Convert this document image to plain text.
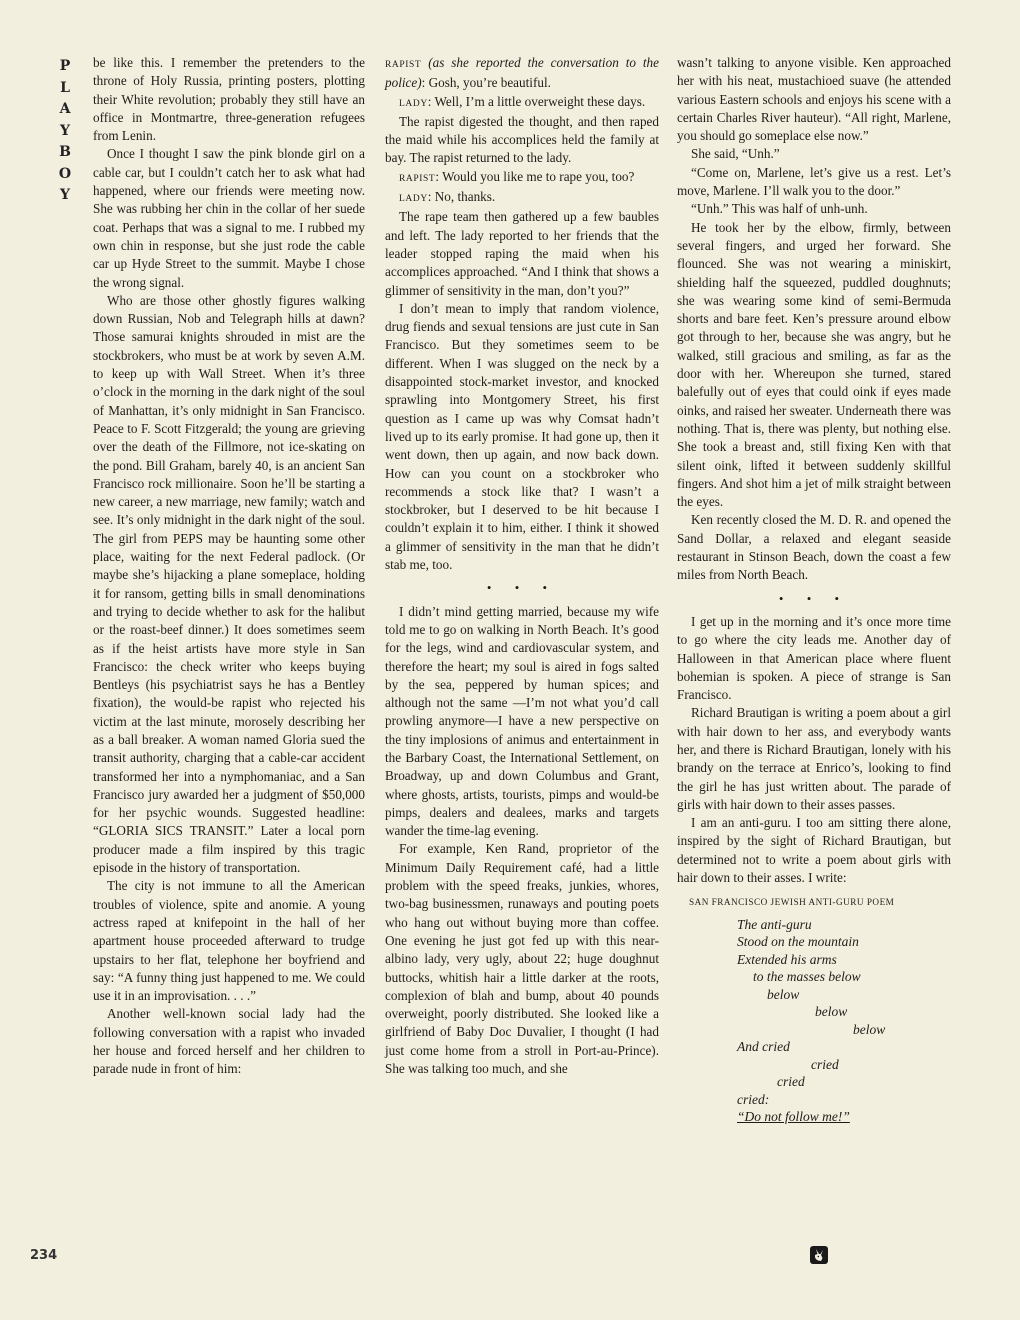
P
L
A
Y
B
O
Y
234

be like this. I remember the pretenders to the throne of Holy Russia, printing posters, plotting their White revolution; probably they still have an office in Montmartre, three-generation refugees from Lenin.

Once I thought I saw the pink blonde girl on a cable car, but I couldn’t catch her to ask what had happened, where our friends were meeting now. She was rubbing her chin in the collar of her suede coat. Perhaps that was a signal to me. I rubbed my own chin in response, but she just rode the cable car up Hyde Street to the summit. Maybe I chose the wrong signal.

Who are those other ghostly figures walking down Russian, Nob and Telegraph hills at dawn? Those samurai knights shrouded in mist are the stockbrokers, who must be at work by seven A.M. to keep up with Wall Street. When it’s three o’clock in the morning in the dark night of the soul of Manhattan, it’s only midnight in San Francisco. Peace to F. Scott Fitzgerald; the young are grieving over the death of the Fillmore, not ice-skating on the pond. Bill Graham, barely 40, is an ancient San Francisco rock millionaire. Soon he’ll be starting a new career, a new marriage, new family; watch and see. It’s only midnight in the dark night of the soul. The girl from PEPS may be haunting some other place, waiting for the next Federal padlock. (Or maybe she’s hijacking a plane someplace, holding it for ransom, getting bills in small denominations and trying to decide whether to ask for the halibut or the roast-beef dinner.) It does sometimes seem as if the heist artists have more style in San Francisco: the check writer who keeps buying Bentleys (his psychiatrist says he has a Bentley fixation), the would-be rapist who rejected his victim at the last minute, morosely describing her as a ball breaker. A woman named Gloria sued the transit authority, charging that a cable-car accident transformed her into a nymphomaniac, and a San Francisco jury awarded her a judgment of $50,000 for her psychic wounds. Suggested headline: “GLORIA SICS TRANSIT.” Later a local porn producer made a film inspired by this tragic episode in the history of transportation.

The city is not immune to all the American troubles of violence, spite and anomie. A young actress raped at knifepoint in the hall of her apartment house proceeded afterward to trudge upstairs to her flat, telephone her boyfriend and say: “A funny thing just happened to me. We could use it in an improvisation. . . .”

Another well-known social lady had the following conversation with a rapist who invaded her house and forced herself and her children to parade nude in front of him:

RAPIST (as she reported the conversation to the police): Gosh, you’re beautiful.

LADY: Well, I’m a little overweight these days.

The rapist digested the thought, and then raped the maid while his accomplices held the family at bay. The rapist returned to the lady.

RAPIST: Would you like me to rape you, too?

LADY: No, thanks.

The rape team then gathered up a few baubles and left. The lady reported to her friends that the leader stopped raping the maid when his accomplices approached. “And I think that shows a glimmer of sensitivity in the man, don’t you?”

I don’t mean to imply that random violence, drug fiends and sexual tensions are just cute in San Francisco. But they sometimes seem to be different. When I was slugged on the neck by a disappointed stock-market investor, and knocked sprawling into Montgomery Street, his first question as I came up was why Comsat hadn’t lived up to its early promise. It had gone up, then it went down, then up again, and now back down. How can you count on a stockbroker who recommends a stock like that? I wasn’t a stockbroker, but I deserved to be hit because I couldn’t explain it to him, either. I think it showed a glimmer of sensitivity in the man that he didn’t stab me, too.

• • •

I didn’t mind getting married, because my wife told me to go on walking in North Beach. It’s good for the legs, wind and cardiovascular system, and therefore the heart; my soul is aired in fogs salted by the sea, peppered by human spices; and although not the same —I’m not what you’d call prowling anymore—I have a new perspective on the tiny implosions of animus and entertainment in the Barbary Coast, the International Settlement, on Broadway, up and down Columbus and Grant, where ghosts, artists, tourists, pimps and would-be pimps, dealers and dealees, marks and targets wander the time-lag evening.

For example, Ken Rand, proprietor of the Minimum Daily Requirement café, had a little problem with the speed freaks, junkies, whores, two-bag businessmen, runaways and pouting poets who hang out without buying more than coffee. One evening he just got fed up with this near-albino lady, very ugly, about 22; huge doughnut buttocks, whitish hair a little darker at the roots, complexion of blah and bump, about 40 pounds overweight, poorly distributed. She looked like a girlfriend of Baby Doc Duvalier, I thought (I had just come home from a stroll in Port-au-Prince). She was talking too much, and she

wasn’t talking to anyone visible. Ken approached her with his neat, mustachioed suave (he attended various Eastern schools and enjoys his scene with a certain Charles River hauteur). “All right, Marlene, you should go someplace else now.”

She said, “Unh.”

“Come on, Marlene, let’s give us a rest. Let’s move, Marlene. I’ll walk you to the door.”

“Unh.” This was half of unh-unh.

He took her by the elbow, firmly, between several fingers, and urged her forward. She flounced. She was not wearing a miniskirt, shielding half the squeezed, puddled doughnuts; she was wearing some kind of semi-Bermuda shorts and bare feet. Ken’s pressure around elbow got through to her, because she was angry, but he walked, still gracious and smiling, as far as the door with her. Whereupon she turned, stared balefully out of eyes that could oink if eyes made oinks, and raised her sweater. Underneath there was nothing. That is, there was plenty, but nothing else. She took a breast and, still fixing Ken with that silent oink, lifted it between suddenly skillful fingers. And shot him a jet of milk straight between the eyes.

Ken recently closed the M. D. R. and opened the Sand Dollar, a relaxed and elegant seaside restaurant in Stinson Beach, down the coast a few miles from North Beach.

• • •

I get up in the morning and it’s once more time to go where the city leads me. Another day of Halloween in that American place where fluent bohemian is spoken. A piece of strange is San Francisco.

Richard Brautigan is writing a poem about a girl with hair down to her ass, and everybody wants her, and there is Richard Brautigan, lonely with his brandy on the terrace at Enrico’s, looking to find the girl he has just written about. The parade of girls with hair down to their asses passes.

I am an anti-guru. I too am sitting there alone, inspired by the sight of Richard Brautigan, but determined not to write a poem about girls with hair down to their asses. I write:

SAN FRANCISCO JEWISH ANTI-GURU POEM

The anti-guru
Stood on the mountain
Extended his arms
to the masses below
below
below
below
And cried
cried
cried
cried:
“Do not follow me!”
